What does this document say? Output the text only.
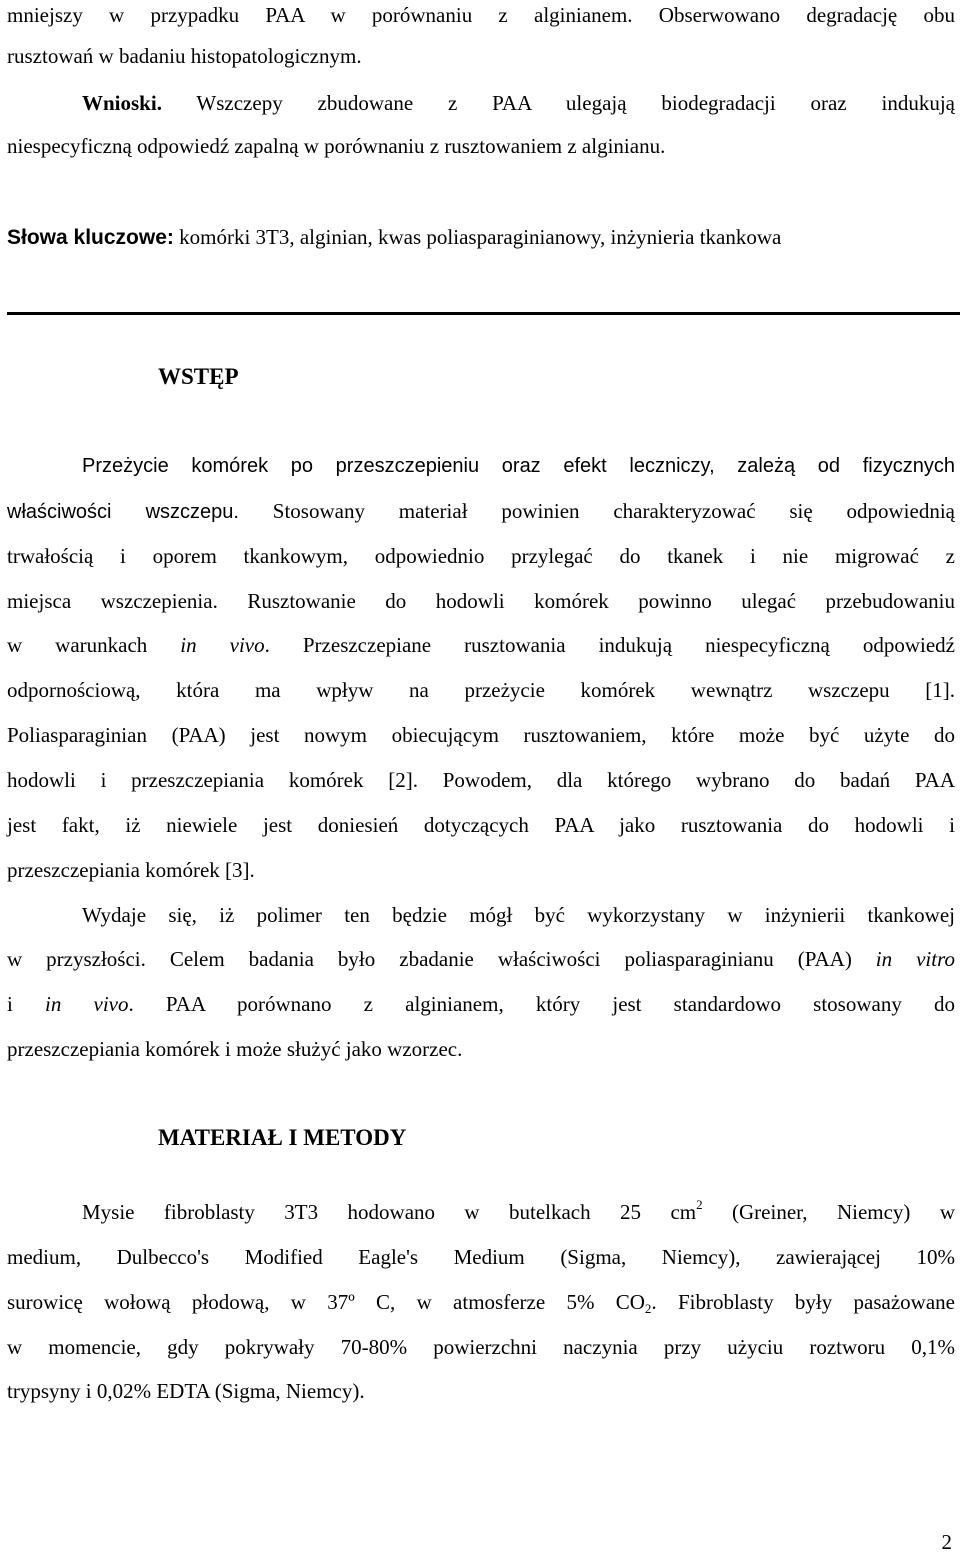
mniejszy w przypadku PAA w porównaniu z alginianem. Obserwowano degradację obu
rusztowań w badaniu histopatologicznym.
Wnioski. Wszczepy zbudowane z PAA ulegają biodegradacji oraz indukują
niespecyficzną odpowiedź zapalną w porównaniu z rusztowaniem z alginianu.
Słowa kluczowe: komórki 3T3, alginian, kwas poliasparaginianowy, inżynieria tkankowa
WSTĘP
Przeżycie komórek po przeszczepieniu oraz efekt leczniczy, zależą od fizycznych
właściwości wszczepu. Stosowany materiał powinien charakteryzować się odpowiednią
trwałością i oporem tkankowym, odpowiednio przylegać do tkanek i nie migrować z
miejsca wszczepienia. Rusztowanie do hodowli komórek powinno ulegać przebudowaniu
w warunkach in vivo. Przeszczepiane rusztowania indukują niespecyficzną odpowiedź
odpornościową, która ma wpływ na przeżycie komórek wewnątrz wszczepu [1].
Poliasparaginian (PAA) jest nowym obiecującym rusztowaniem, które może być użyte do
hodowli i przeszczepiania komórek [2]. Powodem, dla którego wybrano do badań PAA
jest fakt, iż niewiele jest doniesień dotyczących PAA jako rusztowania do hodowli i
przeszczepiania komórek [3].
Wydaje się, iż polimer ten będzie mógł być wykorzystany w inżynierii tkankowej
w przyszłości. Celem badania było zbadanie właściwości poliasparaginianu (PAA) in vitro
i in vivo. PAA porównano z alginianem, który jest standardowo stosowany do
przeszczepiania komórek i może służyć jako wzorzec.
MATERIAŁ I METODY
Mysie fibroblasty 3T3 hodowano w butelkach 25 $cm^2$ (Greiner, Niemcy) w
medium, Dulbecco's Modified Eagle's Medium (Sigma, Niemcy), zawierającej 10%
surowicę wołową płodową, w 37º C, w atmosferze 5% $CO_2$. Fibroblasty były pasażowane
w momencie, gdy pokrywały 70-80% powierzchni naczynia przy użyciu roztworu 0,1%
trypsyny i 0,02% EDTA (Sigma, Niemcy).
2
